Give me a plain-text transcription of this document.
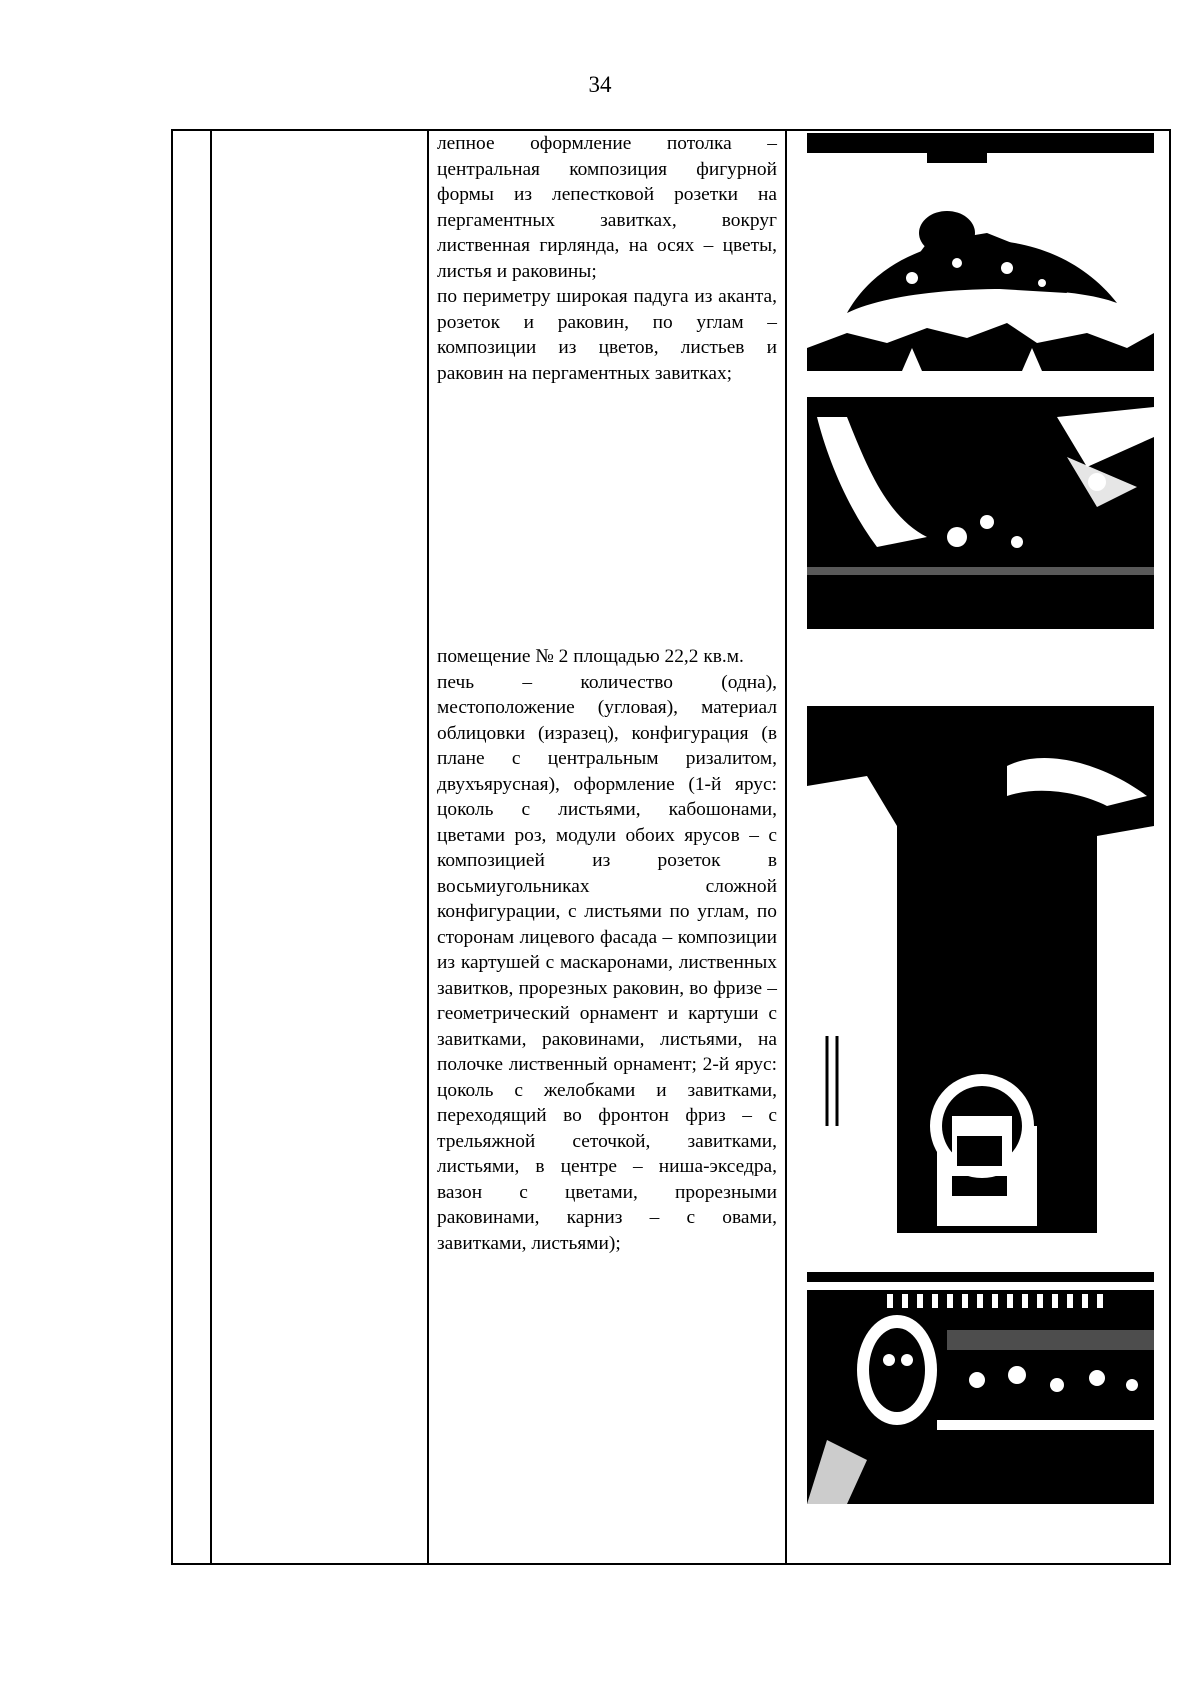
34

лепное оформление потолка – центральная композиция фигурной формы из лепестковой розетки на пергаментных завитках, вокруг лиственная гирлянда, на осях – цветы, листья и раковины;

по периметру широкая падуга из аканта, розеток и раковин, по углам – композиции из цветов, листьев и раковин на пергаментных завитках;

помещение № 2 площадью 22,2 кв.м.

печь – количество (одна), местоположение (угловая), материал облицовки (изразец), конфигурация (в плане с центральным ризалитом, двухъярусная), оформление (1-й ярус: цоколь с листьями, кабошонами, цветами роз, модули обоих ярусов – с композицией из розеток в восьмиугольниках сложной конфигурации, с листьями по углам, по сторонам лицевого фасада – композиции из картушей с маскаронами, лиственных завитков, прорезных раковин, во фризе – геометрический орнамент и картуши с завитками, раковинами, листьями, на полочке лиственный орнамент; 2-й ярус: цоколь с желобками и завитками, переходящий во фронтон фриз – с трельяжной сеточкой, завитками, листьями, в центре – ниша-экседра, вазон с цветами, прорезными раковинами, карниз – с овами, завитками, листьями);
